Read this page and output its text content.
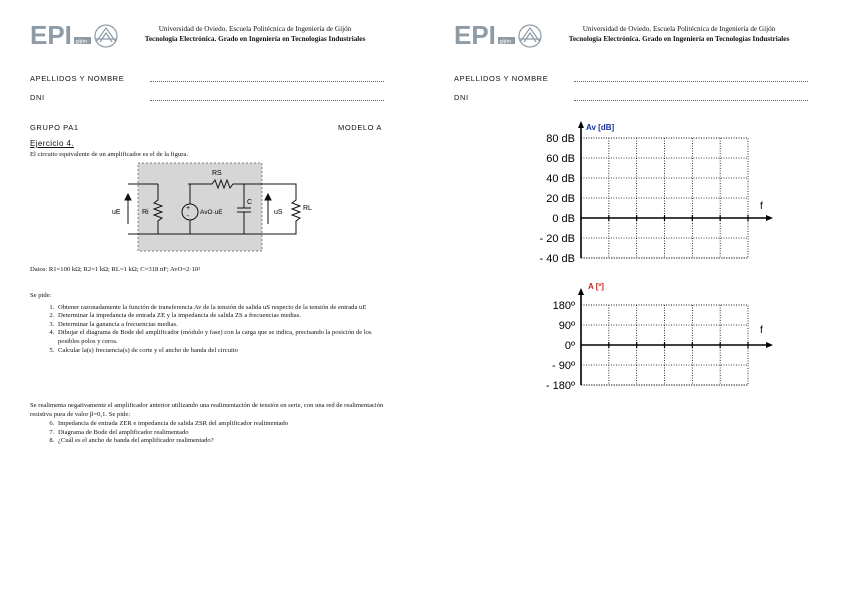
EPI gijón
Universidad de Oviedo. Escuela Politécnica de Ingeniería de Gijón
Tecnología Electrónica. Grado en Ingeniería en Tecnologías Industriales
APELLIDOS Y NOMBRE
DNI
GRUPO PA1	MODELO A
Ejercicio 4.
El circuito equivalente de un amplificador es el de la figura.
+
-
uE	Ri
RS
AvO·uE
C
uS
RL
Datos: R1=100 kΩ; R2=1 kΩ; RL=1 kΩ; C=318 nF; AvO=2·10²
Se pide:
1. Obtener razonadamente la función de transferencia Av de la tensión de salida uS respecto de la tensión de entrada uE
2. Determinar la impedancia de entrada ZE y la impedancia de salida ZS a frecuencias medias.
3. Determinar la ganancia a frecuencias medias.
4. Dibujar el diagrama de Bode del amplificador (módulo y fase) con la carga que se indica, precisando la posición de los posibles polos y ceros.
5. Calcular la(s) frecuencia(s) de corte y el ancho de banda del circuito
Se realimenta negativamente el amplificador anterior utilizando una realimentación de tensión en serie, con una red de realimentación resistiva pura de valor β=0,1. Se pide:
6. Impedancia de entrada ZER e impedancia de salida ZSR del amplificador realimentado
7. Diagrama de Bode del amplificador realimentado
8. ¿Cuál es el ancho de banda del amplificador realimentado?
EPI gijón
Universidad de Oviedo. Escuela Politécnica de Ingeniería de Gijón
Tecnología Electrónica. Grado en Ingeniería en Tecnologías Industriales
APELLIDOS Y NOMBRE
DNI
80 dB
60 dB
40 dB
20 dB
0 dB
- 20 dB
- 40 dB
180º
90º
0º
- 90º
- 180º
Av [dB]
A [º]
f
f
